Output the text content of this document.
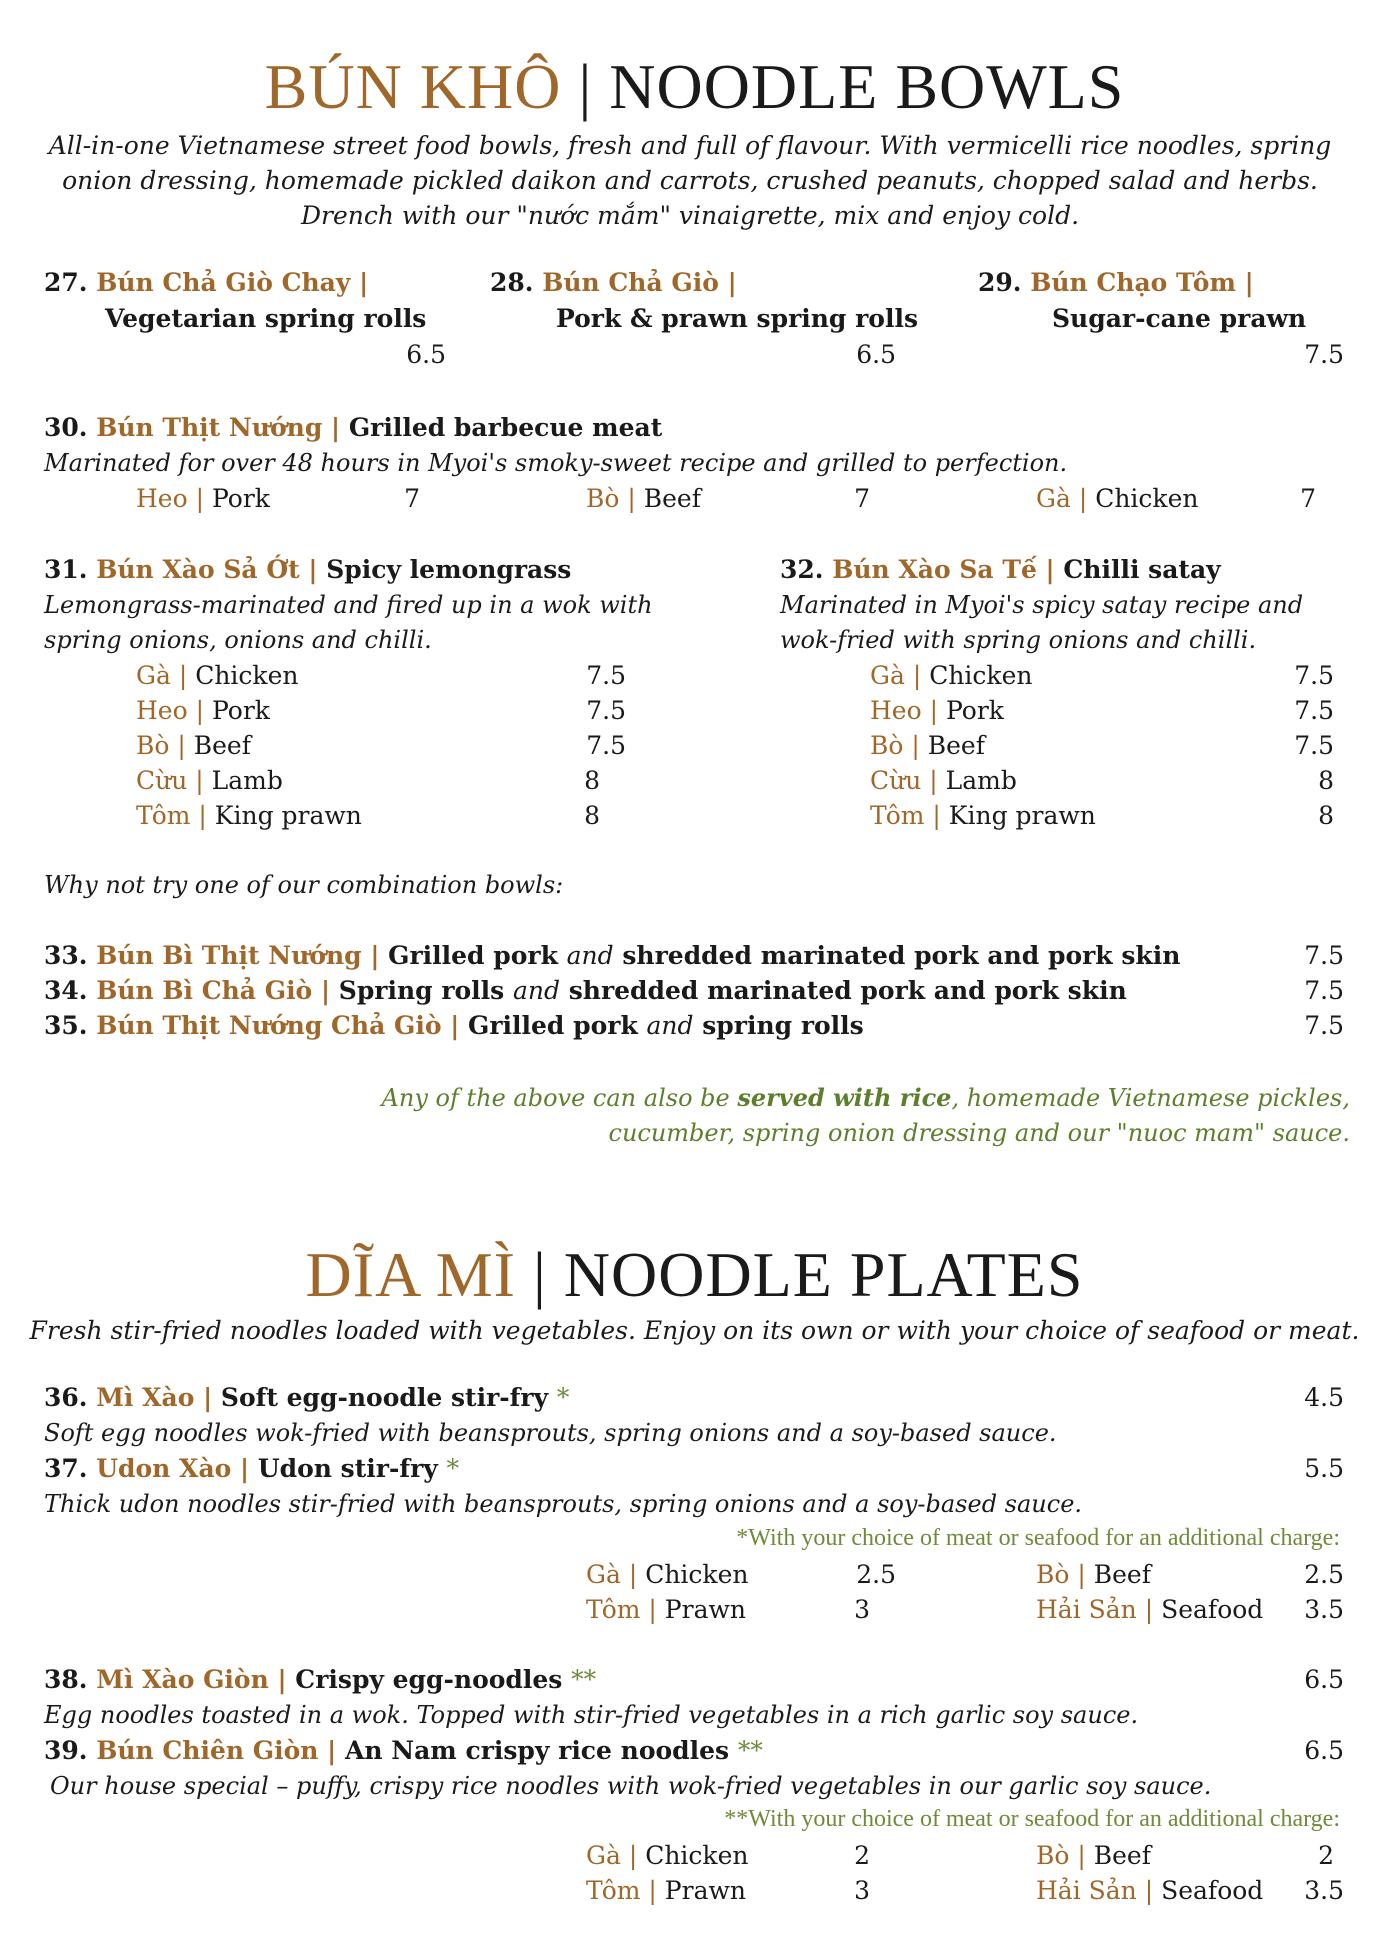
BÚN KHÔ | NOODLE BOWLS
All-in-one Vietnamese street food bowls, fresh and full of flavour. With vermicelli rice noodles, spring onion dressing, homemade pickled daikon and carrots, crushed peanuts, chopped salad and herbs. Drench with our "nước mắm" vinaigrette, mix and enjoy cold.
27. Bún Chả Giò Chay |
Vegetarian spring rolls
6.5
28. Bún Chả Giò |
Pork & prawn spring rolls
6.5
29. Bún Chạo Tôm |
Sugar-cane prawn
7.5
30. Bún Thịt Nướng | Grilled barbecue meat
Marinated for over 48 hours in Myoi's smoky-sweet recipe and grilled to perfection.
Heo | Pork	7	Bò | Beef	7	Gà | Chicken	7
31. Bún Xào Sả Ớt | Spicy lemongrass
Lemongrass-marinated and fired up in a wok with
spring onions, onions and chilli.
Gà | Chicken	7.5
Heo | Pork	7.5
Bò | Beef	7.5
Cừu | Lamb	8
Tôm | King prawn	8
32. Bún Xào Sa Tế | Chilli satay
Marinated in Myoi's spicy satay recipe and
wok-fried with spring onions and chilli.
Gà | Chicken	7.5
Heo | Pork	7.5
Bò | Beef	7.5
Cừu | Lamb	8
Tôm | King prawn	8
Why not try one of our combination bowls:
33. Bún Bì Thịt Nướng | Grilled pork and shredded marinated pork and pork skin	7.5
34. Bún Bì Chả Giò | Spring rolls and shredded marinated pork and pork skin	7.5
35. Bún Thịt Nướng Chả Giò | Grilled pork and spring rolls	7.5
Any of the above can also be served with rice, homemade Vietnamese pickles,
cucumber, spring onion dressing and our "nuoc mam" sauce.
DĨA MÌ | NOODLE PLATES
Fresh stir-fried noodles loaded with vegetables. Enjoy on its own or with your choice of seafood or meat.
36. Mì Xào | Soft egg-noodle stir-fry *	4.5
Soft egg noodles wok-fried with beansprouts, spring onions and a soy-based sauce.
37. Udon Xào | Udon stir-fry *	5.5
Thick udon noodles stir-fried with beansprouts, spring onions and a soy-based sauce.
*With your choice of meat or seafood for an additional charge:
Gà | Chicken	2.5	Bò | Beef	2.5
Tôm | Prawn	3	Hải Sản | Seafood	3.5
38. Mì Xào Giòn | Crispy egg-noodles **	6.5
Egg noodles toasted in a wok. Topped with stir-fried vegetables in a rich garlic soy sauce.
39. Bún Chiên Giòn | An Nam crispy rice noodles **	6.5
Our house special – puffy, crispy rice noodles with wok-fried vegetables in our garlic soy sauce.
**With your choice of meat or seafood for an additional charge:
Gà | Chicken	2	Bò | Beef	2
Tôm | Prawn	3	Hải Sản | Seafood	3.5
